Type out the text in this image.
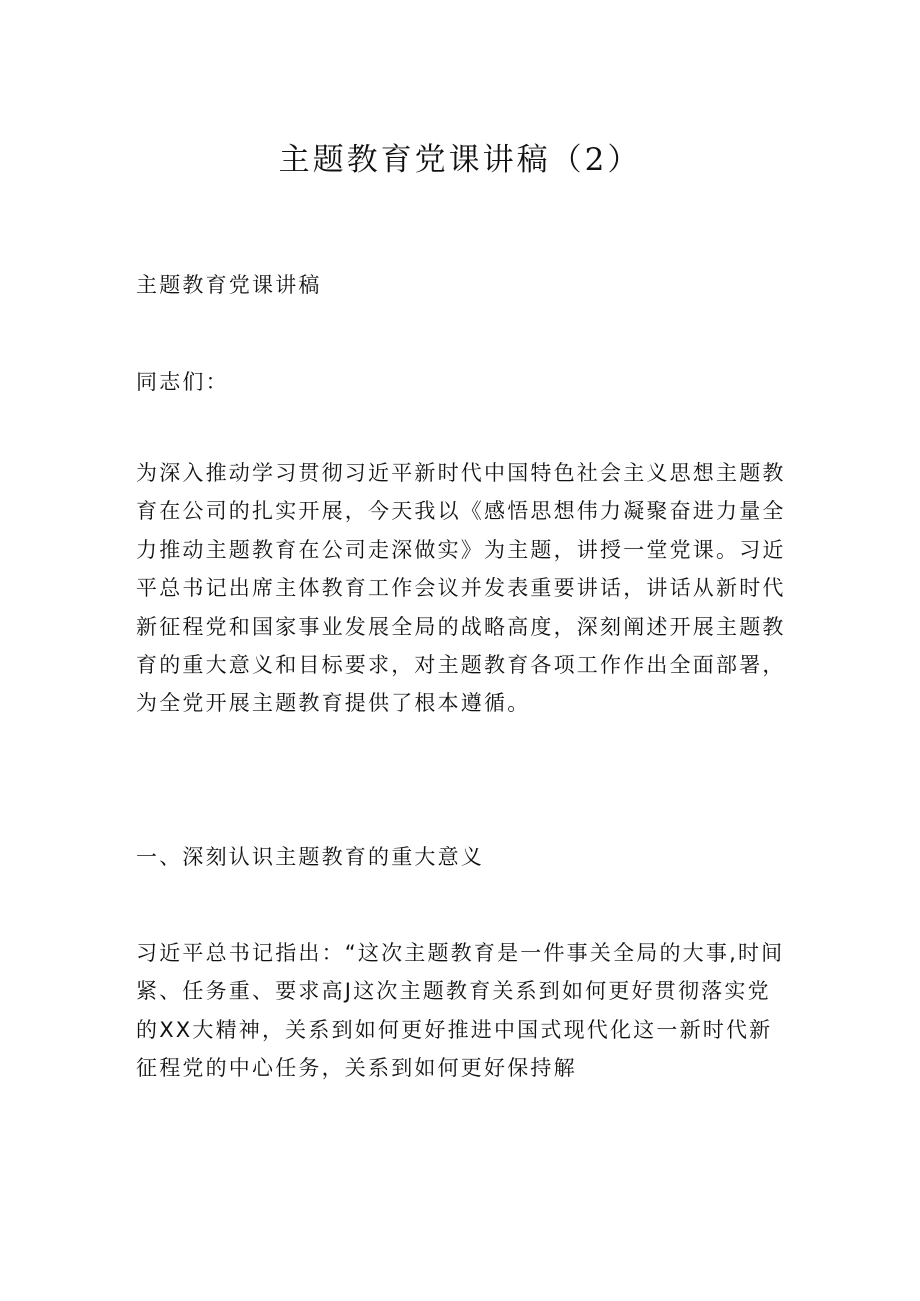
主题教育党课讲稿（2）

主题教育党课讲稿

同志们：

为深入推动学习贯彻习近平新时代中国特色社会主义思想主题教
育在公司的扎实开展，今天我以《感悟思想伟力凝聚奋进力量全
力推动主题教育在公司走深做实》为主题，讲授一堂党课。习近
平总书记出席主体教育工作会议并发表重要讲话，讲话从新时代
新征程党和国家事业发展全局的战略高度，深刻阐述开展主题教
育的重大意义和目标要求，对主题教育各项工作作出全面部署，
为全党开展主题教育提供了根本遵循。

一、深刻认识主题教育的重大意义

习近平总书记指出：“这次主题教育是一件事关全局的大事,时间
紧、任务重、要求高J这次主题教育关系到如何更好贯彻落实党
的XX大精神，关系到如何更好推进中国式现代化这一新时代新
征程党的中心任务，关系到如何更好保持解
